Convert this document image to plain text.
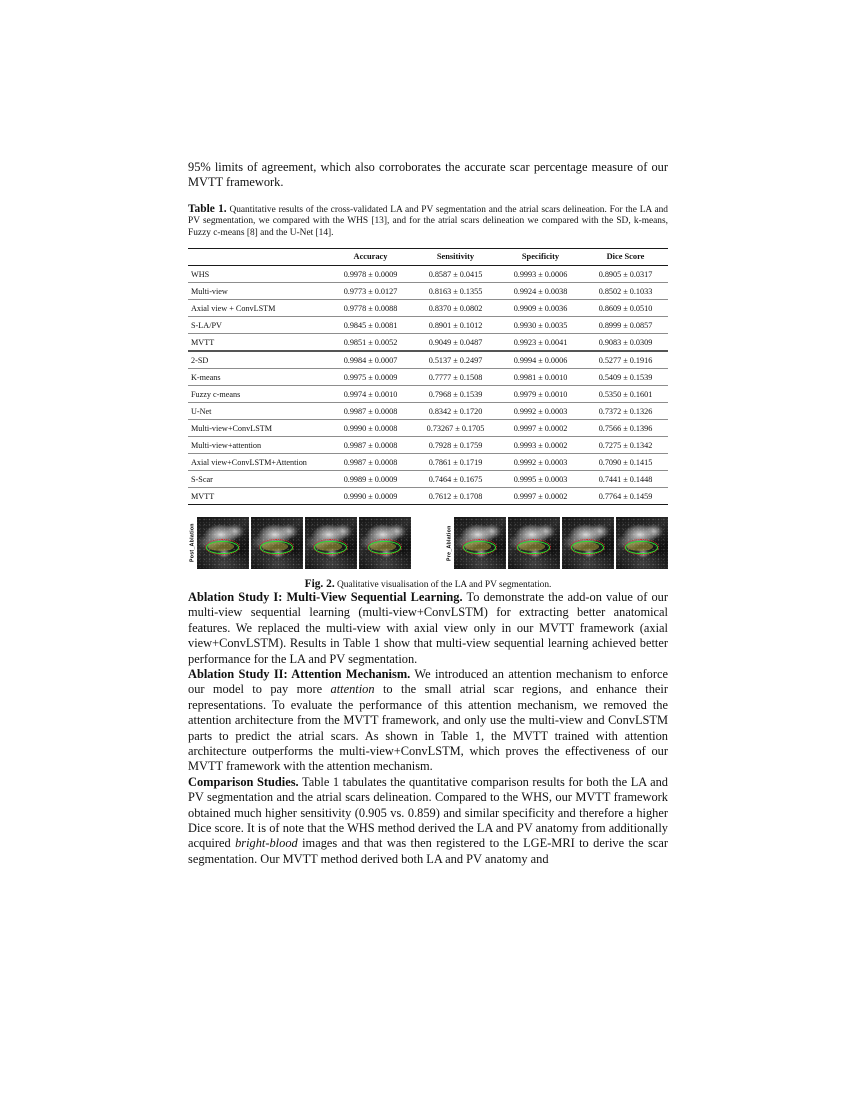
95% limits of agreement, which also corroborates the accurate scar percentage measure of our MVTT framework.

Table 1. Quantitative results of the cross-validated LA and PV segmentation and the atrial scars delineation. For the LA and PV segmentation, we compared with the WHS [13], and for the atrial scars delineation we compared with the SD, k-means, Fuzzy c-means [8] and the U-Net [14].
	Accuracy	Sensitivity	Specificity	Dice Score
WHS	0.9978 ± 0.0009	0.8587 ± 0.0415	0.9993 ± 0.0006	0.8905 ± 0.0317
Multi-view	0.9773 ± 0.0127	0.8163 ± 0.1355	0.9924 ± 0.0038	0.8502 ± 0.1033
Axial view + ConvLSTM	0.9778 ± 0.0088	0.8370 ± 0.0802	0.9909 ± 0.0036	0.8609 ± 0.0510
S-LA/PV	0.9845 ± 0.0081	0.8901 ± 0.1012	0.9930 ± 0.0035	0.8999 ± 0.0857
MVTT	0.9851 ± 0.0052	0.9049 ± 0.0487	0.9923 ± 0.0041	0.9083 ± 0.0309
2-SD	0.9984 ± 0.0007	0.5137 ± 0.2497	0.9994 ± 0.0006	0.5277 ± 0.1916
K-means	0.9975 ± 0.0009	0.7777 ± 0.1508	0.9981 ± 0.0010	0.5409 ± 0.1539
Fuzzy c-means	0.9974 ± 0.0010	0.7968 ± 0.1539	0.9979 ± 0.0010	0.5350 ± 0.1601
U-Net	0.9987 ± 0.0008	0.8342 ± 0.1720	0.9992 ± 0.0003	0.7372 ± 0.1326
Multi-view+ConvLSTM	0.9990 ± 0.0008	0.73267 ± 0.1705	0.9997 ± 0.0002	0.7566 ± 0.1396
Multi-view+attention	0.9987 ± 0.0008	0.7928 ± 0.1759	0.9993 ± 0.0002	0.7275 ± 0.1342
Axial view+ConvLSTM+Attention	0.9987 ± 0.0008	0.7861 ± 0.1719	0.9992 ± 0.0003	0.7090 ± 0.1415
S-Scar	0.9989 ± 0.0009	0.7464 ± 0.1675	0.9995 ± 0.0003	0.7441 ± 0.1448
MVTT	0.9990 ± 0.0009	0.7612 ± 0.1708	0.9997 ± 0.0002	0.7764 ± 0.1459
Post_Ablation	Pre_Ablation
Fig. 2. Qualitative visualisation of the LA and PV segmentation.

Ablation Study I: Multi-View Sequential Learning. To demonstrate the add-on value of our multi-view sequential learning (multi-view+ConvLSTM) for extracting better anatomical features. We replaced the multi-view with axial view only in our MVTT framework (axial view+ConvLSTM). Results in Table 1 show that multi-view sequential learning achieved better performance for the LA and PV segmentation.

Ablation Study II: Attention Mechanism. We introduced an attention mechanism to enforce our model to pay more attention to the small atrial scar regions, and enhance their representations. To evaluate the performance of this attention mechanism, we removed the attention architecture from the MVTT framework, and only use the multi-view and ConvLSTM parts to predict the atrial scars. As shown in Table 1, the MVTT trained with attention architecture outperforms the multi-view+ConvLSTM, which proves the effectiveness of our MVTT framework with the attention mechanism.

Comparison Studies. Table 1 tabulates the quantitative comparison results for both the LA and PV segmentation and the atrial scars delineation. Compared to the WHS, our MVTT framework obtained much higher sensitivity (0.905 vs. 0.859) and similar specificity and therefore a higher Dice score. It is of note that the WHS method derived the LA and PV anatomy from additionally acquired bright-blood images and that was then registered to the LGE-MRI to derive the scar segmentation. Our MVTT method derived both LA and PV anatomy and
